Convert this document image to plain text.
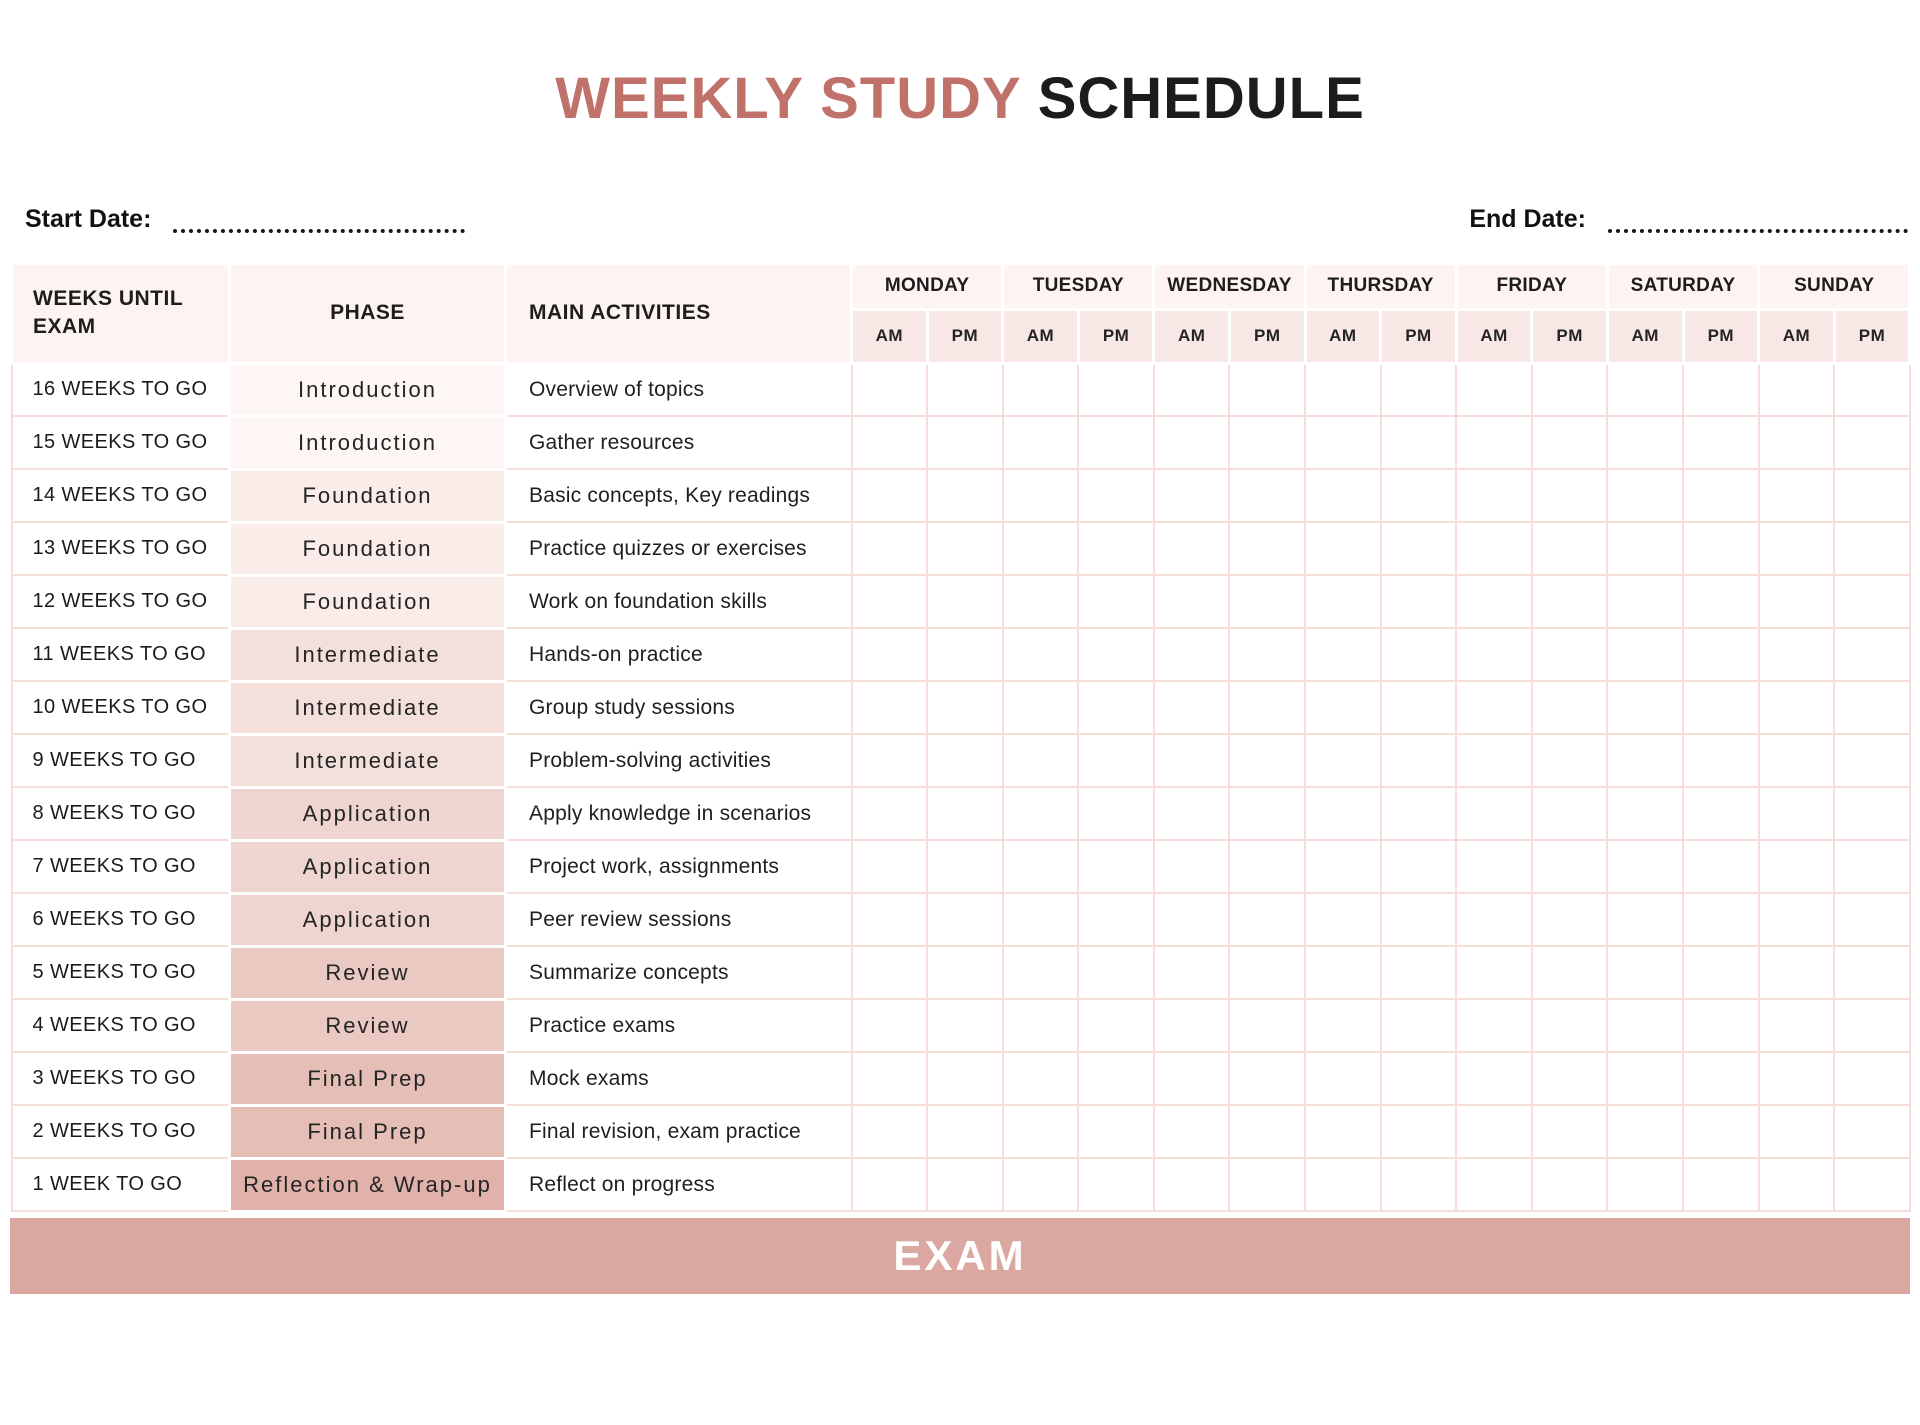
WEEKLY STUDY SCHEDULE
Start Date:	End Date:
WEEKS UNTIL EXAM	PHASE	MAIN ACTIVITIES	MONDAY		TUESDAY		WEDNESDAY		THURSDAY		FRIDAY		SATURDAY		SUNDAY	
			AM	PM	AM	PM	AM	PM	AM	PM	AM	PM	AM	PM	AM	PM
16 WEEKS TO GO	Introduction	Overview of topics														
15 WEEKS TO GO	Introduction	Gather resources														
14 WEEKS TO GO	Foundation	Basic concepts, Key readings														
13 WEEKS TO GO	Foundation	Practice quizzes or exercises														
12 WEEKS TO GO	Foundation	Work on foundation skills														
11 WEEKS TO GO	Intermediate	Hands-on practice														
10 WEEKS TO GO	Intermediate	Group study sessions														
9 WEEKS TO GO	Intermediate	Problem-solving activities														
8 WEEKS TO GO	Application	Apply knowledge in scenarios														
7 WEEKS TO GO	Application	Project work, assignments														
6 WEEKS TO GO	Application	Peer review sessions														
5 WEEKS TO GO	Review	Summarize concepts														
4 WEEKS TO GO	Review	Practice exams														
3 WEEKS TO GO	Final Prep	Mock exams														
2 WEEKS TO GO	Final Prep	Final revision, exam practice														
1 WEEK TO GO	Reflection & Wrap-up	Reflect on progress														
EXAM
